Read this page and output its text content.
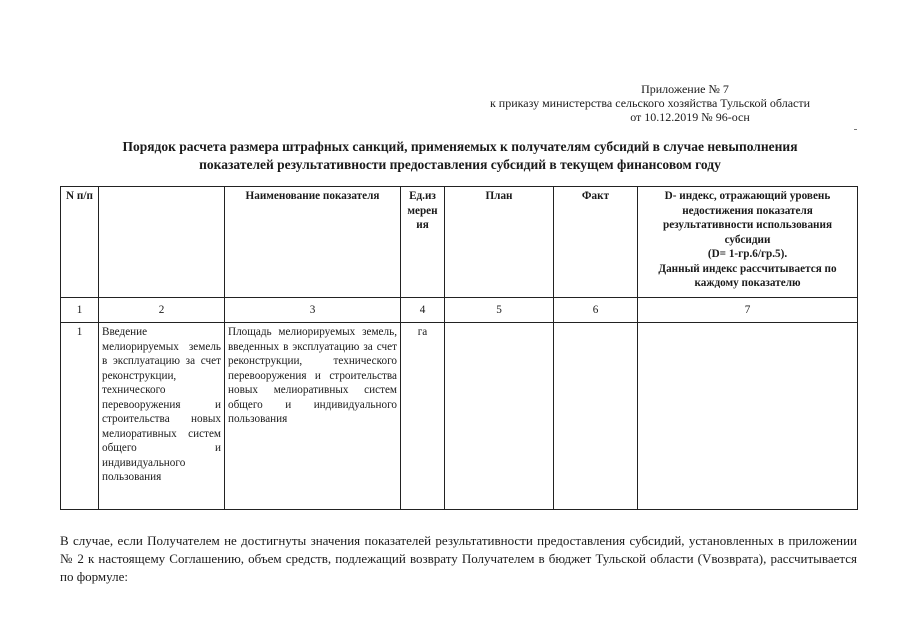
Приложение № 7
к приказу министерства сельского хозяйства Тульской области
от 10.12.2019 № 96-осн
Порядок расчета размера штрафных санкций, применяемых к получателям субсидий в случае невыполнения
показателей результативности предоставления субсидий в текущем финансовом году
N п/п		Наименование показателя	Ед.из мерен ия	План	Факт	D- индекс, отражающий уровень недостижения показателя результативности использования субсидии
(D= 1-гр.6/гр.5).
Данный индекс рассчитывается по каждому показателю

1	2	3	4	5	6	7
1	Введение мелиорируемых земель в эксплуатацию за счет реконструкции, технического перевооружения и строительства новых мелиоративных систем общего и индивидуального пользования	Площадь мелиорируемых земель, введенных в эксплуатацию за счет реконструкции, технического перевооружения и строительства новых мелиоративных систем общего и индивидуального пользования	га			
В случае, если Получателем не достигнуты значения показателей результативности предоставления субсидий, установленных в приложении № 2 к настоящему Соглашению, объем средств, подлежащий возврату Получателем в бюджет Тульской области (Vвозврата), рассчитывается по формуле:
